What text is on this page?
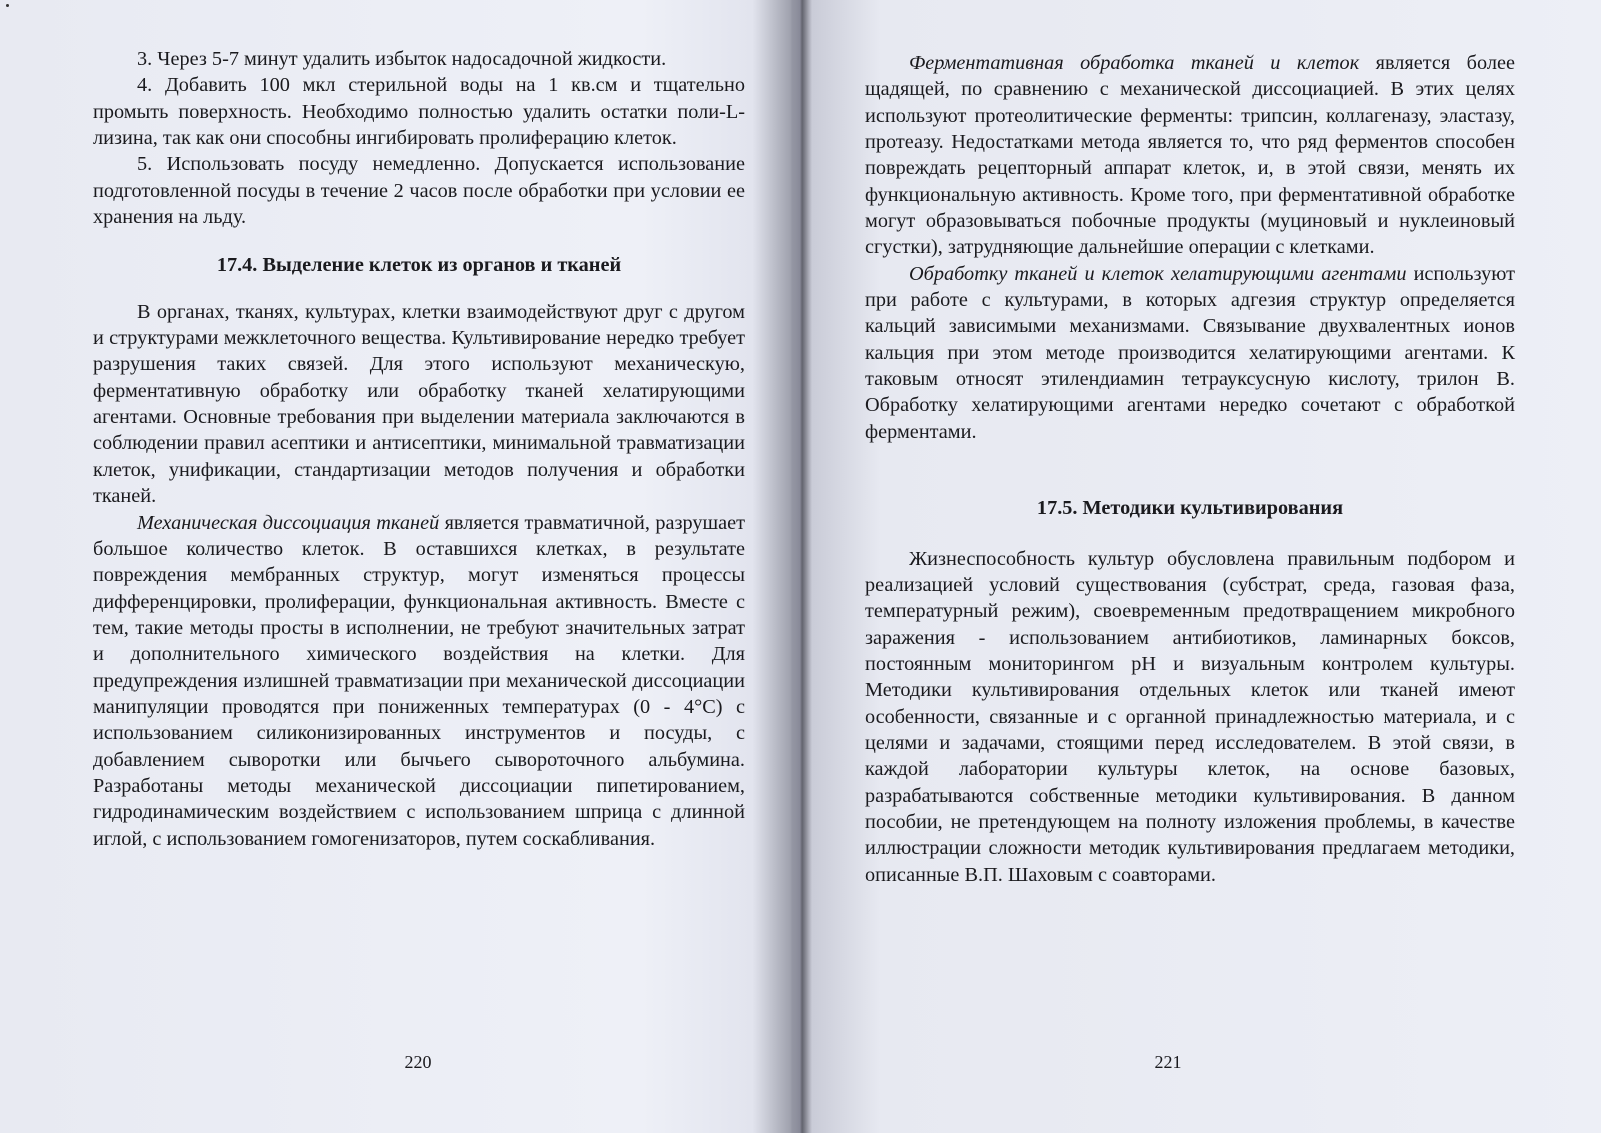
3. Через 5-7 минут удалить избыток надосадочной жидкости.

4. Добавить 100 мкл стерильной воды на 1 кв.см и тщательно промыть поверхность. Необходимо полностью удалить остатки поли-L-лизина, так как они способны ингибировать пролиферацию клеток.

5. Использовать посуду немедленно. Допускается использование подготовленной посуды в течение 2 часов после обработки при условии ее хранения на льду.

17.4. Выделение клеток из органов и тканей

В органах, тканях, культурах, клетки взаимодействуют друг с другом и структурами межклеточного вещества. Культивирование нередко требует разрушения таких связей. Для этого используют механическую, ферментативную обработку или обработку тканей хелатирующими агентами. Основные требования при выделении материала заключаются в соблюдении правил асептики и антисептики, минимальной травматизации клеток, унификации, стандартизации методов получения и обработки тканей.

Механическая диссоциация тканей является травматичной, разрушает большое количество клеток. В оставшихся клетках, в результате повреждения мембранных структур, могут изменяться процессы дифференцировки, пролиферации, функциональная активность. Вместе с тем, такие методы просты в исполнении, не требуют значительных затрат и дополнительного химического воздействия на клетки. Для предупреждения излишней травматизации при механической диссоциации манипуляции проводятся при пониженных температурах (0 - 4°С) с использованием силиконизированных инструментов и посуды, с добавлением сыворотки или бычьего сывороточного альбумина. Разработаны методы механической диссоциации пипетированием, гидродинамическим воздействием с использованием шприца с длинной иглой, с использованием гомогенизаторов, путем соскабливания.

220

Ферментативная обработка тканей и клеток является более щадящей, по сравнению с механической диссоциацией. В этих целях используют протеолитические ферменты: трипсин, коллагеназу, эластазу, протеазу. Недостатками метода является то, что ряд ферментов способен повреждать рецепторный аппарат клеток, и, в этой связи, менять их функциональную активность. Кроме того, при ферментативной обработке могут образовываться побочные продукты (муциновый и нуклеиновый сгустки), затрудняющие дальнейшие операции с клетками.

Обработку тканей и клеток хелатирующими агентами используют при работе с культурами, в которых адгезия структур определяется кальций зависимыми механизмами. Связывание двухвалентных ионов кальция при этом методе производится хелатирующими агентами. К таковым относят этилендиамин тетрауксусную кислоту, трилон В. Обработку хелатирующими агентами нередко сочетают с обработкой ферментами.

17.5. Методики культивирования

Жизнеспособность культур обусловлена правильным подбором и реализацией условий существования (субстрат, среда, газовая фаза, температурный режим), своевременным предотвращением микробного заражения - использованием антибиотиков, ламинарных боксов, постоянным мониторингом рН и визуальным контролем культуры. Методики культивирования отдельных клеток или тканей имеют особенности, связанные и с органной принадлежностью материала, и с целями и задачами, стоящими перед исследователем. В этой связи, в каждой лаборатории культуры клеток, на основе базовых, разрабатываются собственные методики культивирования. В данном пособии, не претендующем на полноту изложения проблемы, в качестве иллюстрации сложности методик культивирования предлагаем методики, описанные В.П. Шаховым с соавторами.

221
